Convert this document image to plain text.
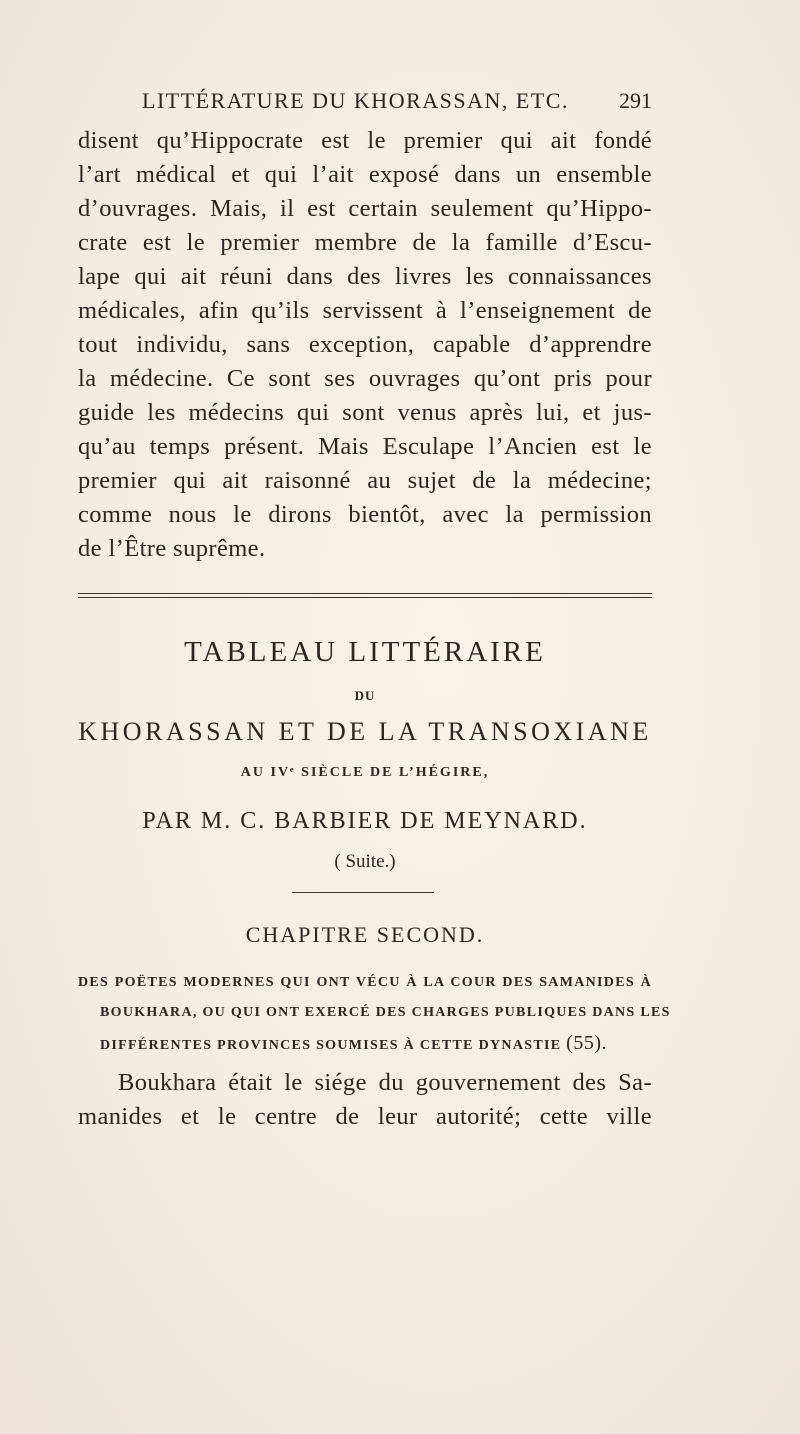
LITTÉRATURE DU KHORASSAN, ETC. 291
disent qu’Hippocrate est le premier qui ait fondé
l’art médical et qui l’ait exposé dans un ensemble
d’ouvrages. Mais, il est certain seulement qu’Hippo-
crate est le premier membre de la famille d’Escu-
lape qui ait réuni dans des livres les connaissances
médicales, afin qu’ils servissent à l’enseignement de
tout individu, sans exception, capable d’apprendre
la médecine. Ce sont ses ouvrages qu’ont pris pour
guide les médecins qui sont venus après lui, et jus-
qu’au temps présent. Mais Esculape l’Ancien est le
premier qui ait raisonné au sujet de la médecine;
comme nous le dirons bientôt, avec la permission
de l’Être suprême.
TABLEAU LITTÉRAIRE
DU
KHORASSAN ET DE LA TRANSOXIANE
AU IVᵉ SIÈCLE DE L’HÉGIRE,
PAR M. C. BARBIER DE MEYNARD.
( Suite.)
CHAPITRE SECOND.
DES POËTES MODERNES QUI ONT VÉCU À LA COUR DES SAMANIDES À
BOUKHARA, OU QUI ONT EXERCÉ DES CHARGES PUBLIQUES DANS LES
DIFFÉRENTES PROVINCES SOUMISES À CETTE DYNASTIE (55).
Boukhara était le siége du gouvernement des Sa-
manides et le centre de leur autorité; cette ville
